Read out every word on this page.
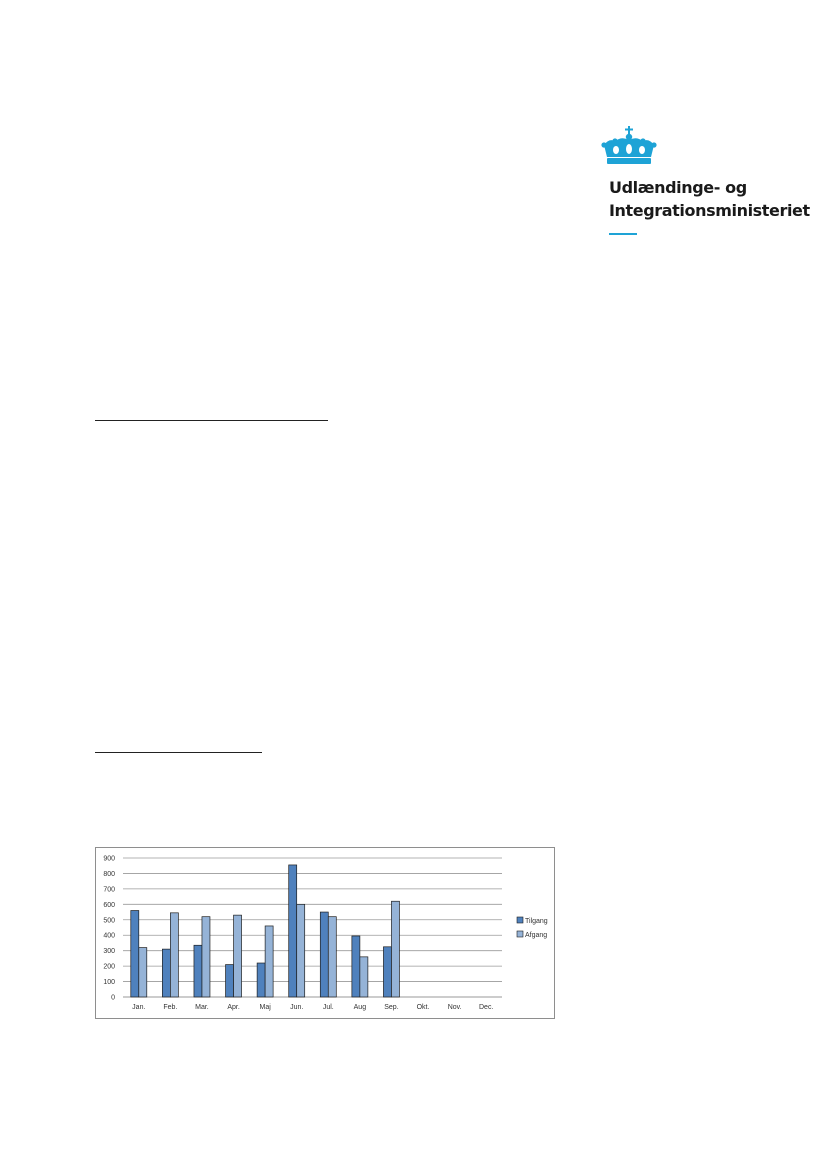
Udlændinge- og
Integrationsministeriet
0
100
200
300
400
500
600
700
800
900
Jan.	Feb.	Mar.	Apr.	Maj	Jun.	Jul.	Aug	Sep.	Okt.	Nov. Dec.
Tilgang
Afgang
